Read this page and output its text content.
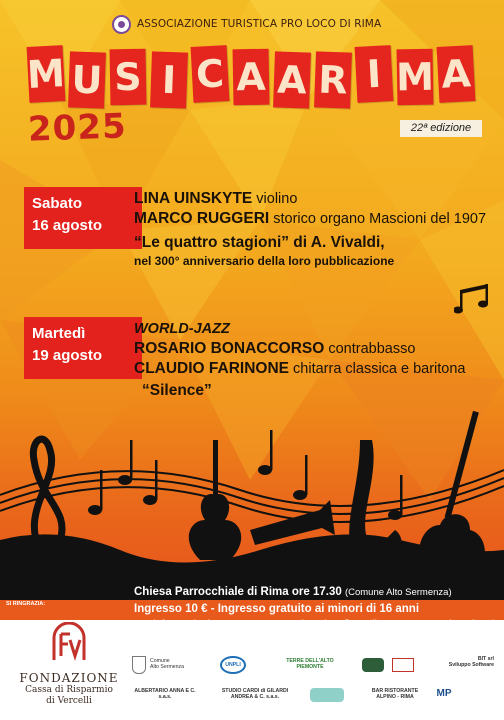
ASSOCIAZIONE TURISTICA PRO LOCO DI RIMA
M U S I C A A R I M A
2025	22ª edizione
Sabato
16 agosto
LINA UINSKYTE violino
MARCO RUGGERI storico organo Mascioni del 1907
“Le quattro stagioni” di A. Vivaldi,
nel 300° anniversario della loro pubblicazione
Martedì
19 agosto
WORLD-JAZZ
ROSARIO BONACCORSO contrabbasso
CLAUDIO FARINONE chitarra classica e baritona
“Silence”
SI RINGRAZIA:
Chiesa Parrocchiale di Rima ore 17.30 (Comune Alto Sermenza)
Ingresso 10 € - Ingresso gratuito ai minori di 16 anni
FONDAZIONE
Cassa di Risparmio
di Vercelli
Comune
Alto Sermenza	UNPLI
TERRE DELL'ALTO PIEMONTE
BIT srl
Sviluppo Software
ALBERTARIO ANNA E C. s.a.s.
STUDIO CARDI di GILARDI ANDREA & C. s.a.s.
BAR RISTORANTE ALPINO - RIMA	MP
